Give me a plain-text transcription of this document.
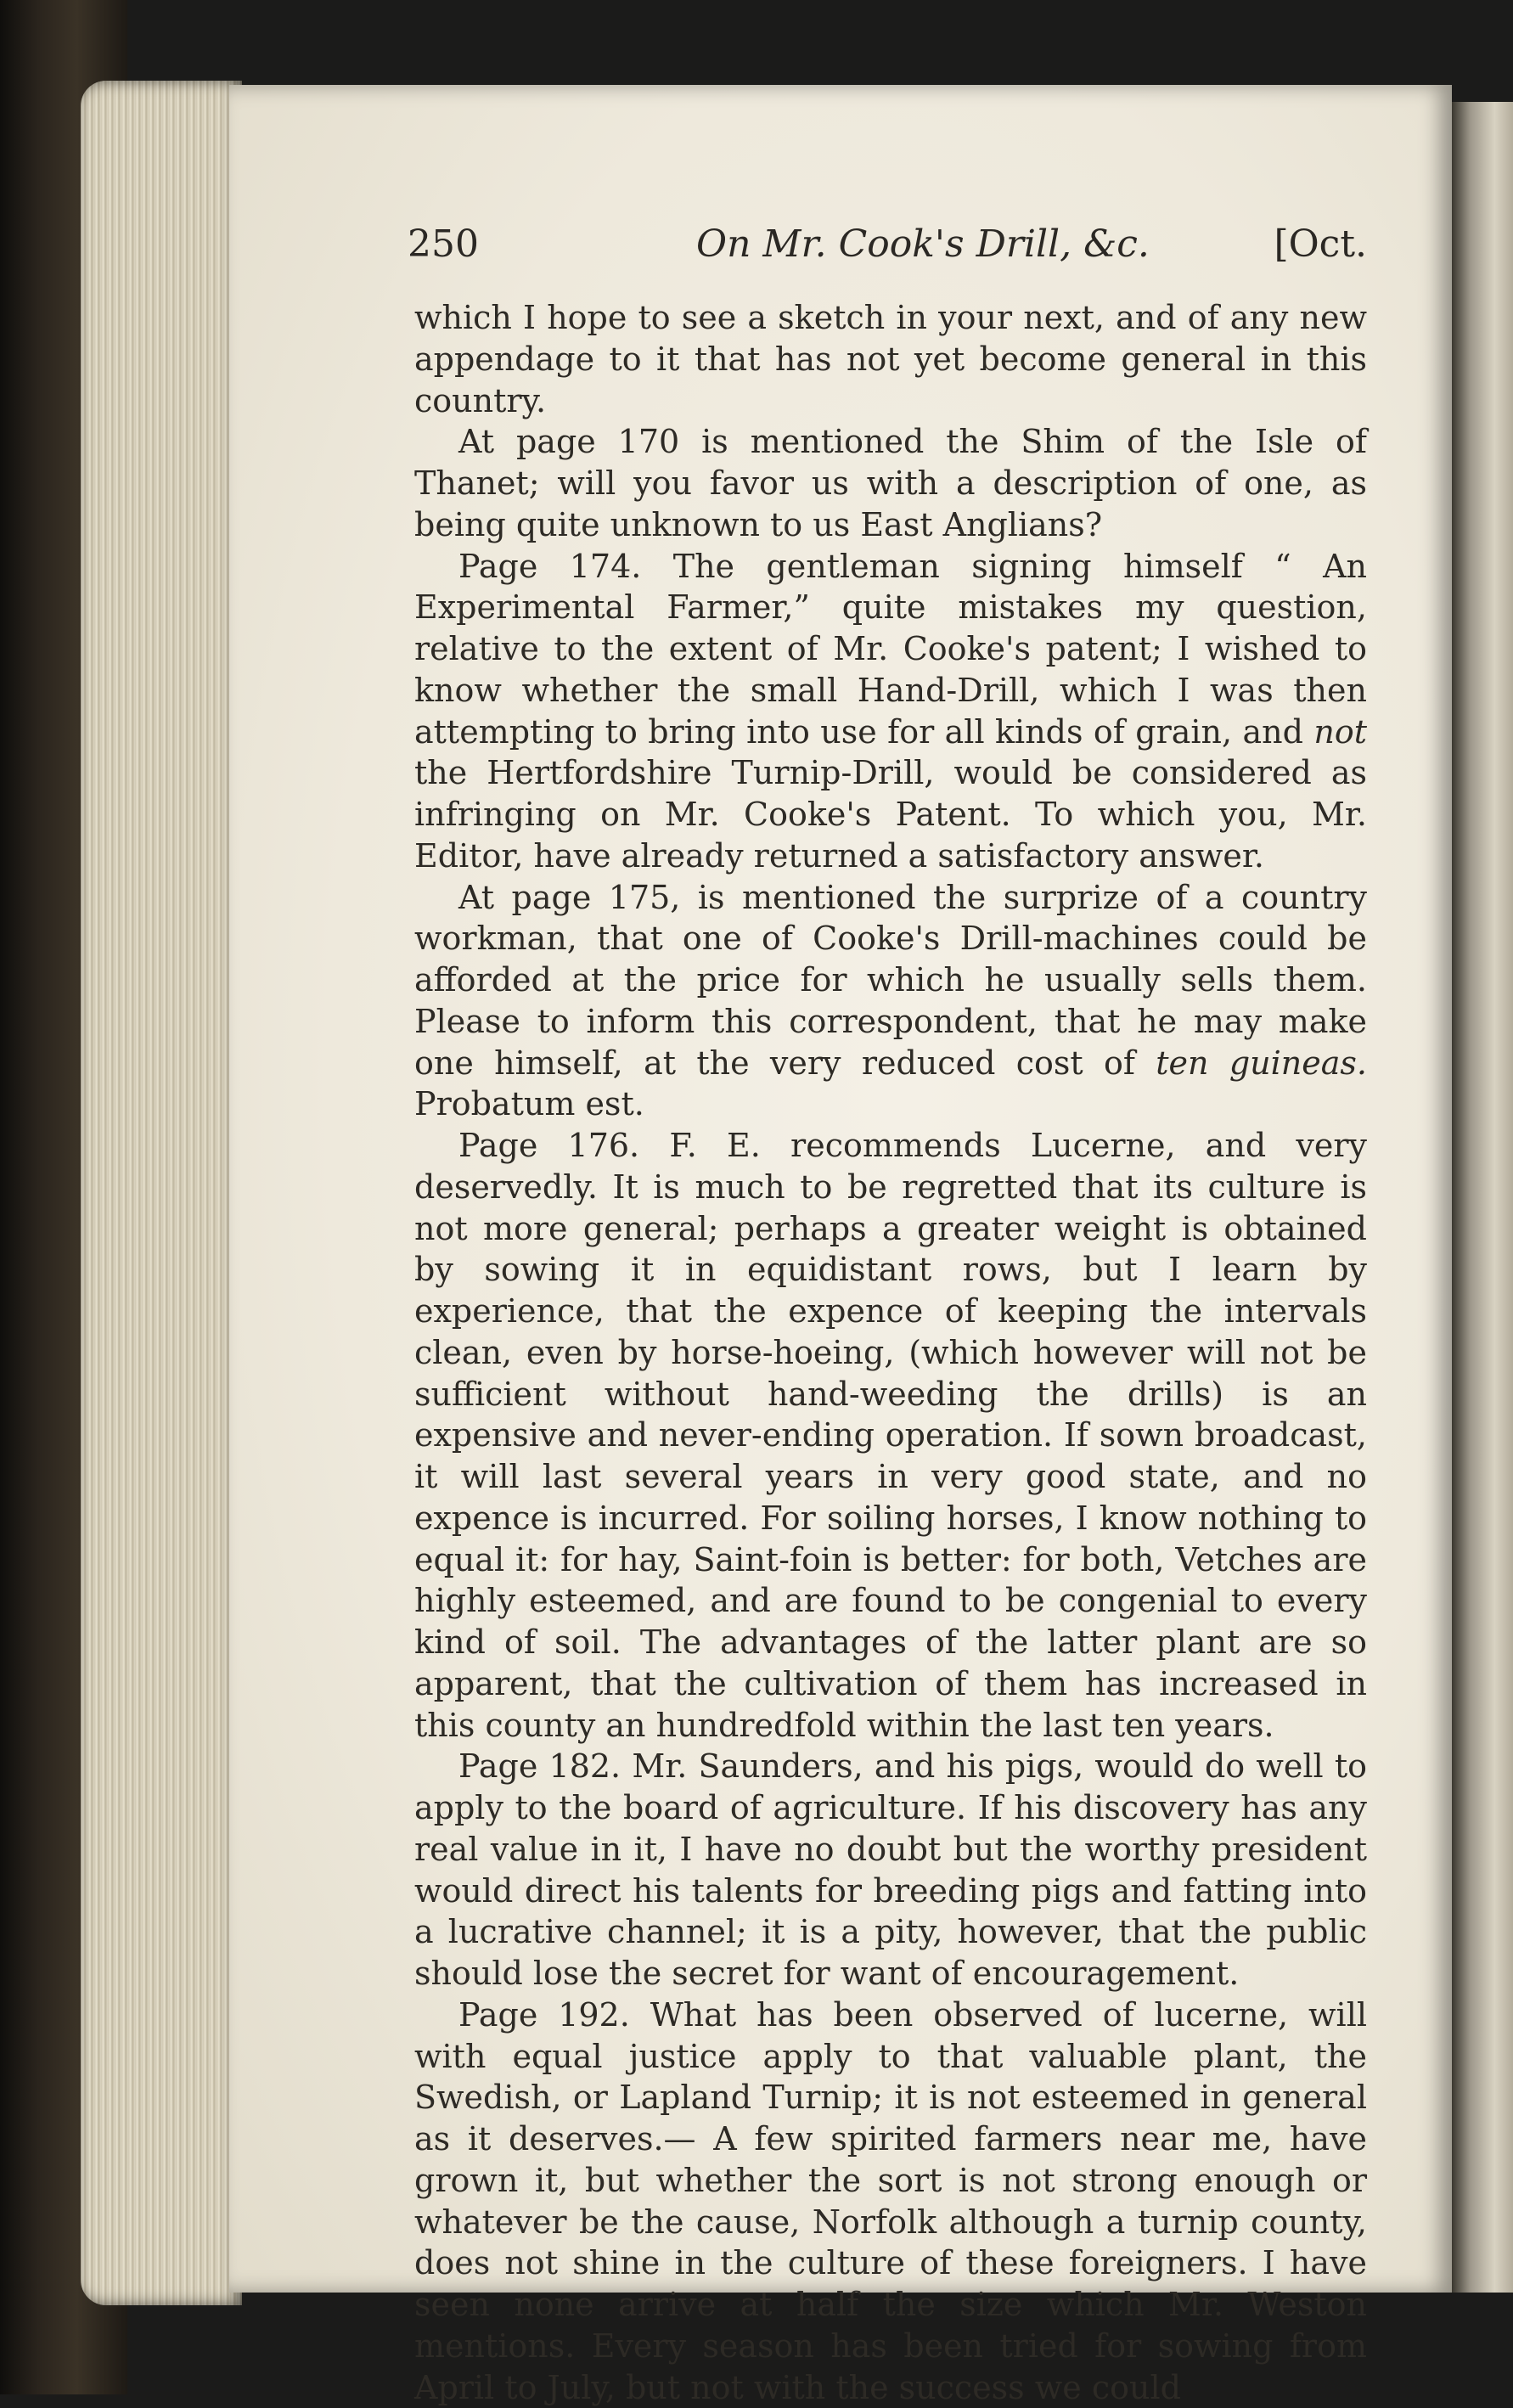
250	On Mr. Cook's Drill, &c.	[Oct.

which I hope to see a sketch in your next, and of any new appendage to it that has not yet become general in this country.

At page 170 is mentioned the Shim of the Isle of Thanet; will you favor us with a description of one, as being quite unknown to us East Anglians?

Page 174. The gentleman signing himself “ An Experimental Farmer,” quite mistakes my question, relative to the extent of Mr. Cooke's patent; I wished to know whether the small Hand-Drill, which I was then attempting to bring into use for all kinds of grain, and not the Hertfordshire Turnip-Drill, would be considered as infringing on Mr. Cooke's Patent. To which you, Mr. Editor, have already returned a satisfactory answer.

At page 175, is mentioned the surprize of a country workman, that one of Cooke's Drill-machines could be afforded at the price for which he usually sells them. Please to inform this correspondent, that he may make one himself, at the very reduced cost of ten guineas. Probatum est.

Page 176. F. E. recommends Lucerne, and very deservedly. It is much to be regretted that its culture is not more general; perhaps a greater weight is obtained by sowing it in equidistant rows, but I learn by experience, that the expence of keeping the intervals clean, even by horse-hoeing, (which however will not be sufficient without hand-weeding the drills) is an expensive and never-ending operation. If sown broadcast, it will last several years in very good state, and no expence is incurred. For soiling horses, I know nothing to equal it: for hay, Saint-foin is better: for both, Vetches are highly esteemed, and are found to be congenial to every kind of soil. The advantages of the latter plant are so apparent, that the cultivation of them has increased in this county an hundredfold within the last ten years.

Page 182. Mr. Saunders, and his pigs, would do well to apply to the board of agriculture. If his discovery has any real value in it, I have no doubt but the worthy president would direct his talents for breeding pigs and fatting into a lucrative channel; it is a pity, however, that the public should lose the secret for want of encouragement.

Page 192. What has been observed of lucerne, will with equal justice apply to that valuable plant, the Swedish, or Lapland Turnip; it is not esteemed in general as it deserves.— A few spirited farmers near me, have grown it, but whether the sort is not strong enough or whatever be the cause, Norfolk although a turnip county, does not shine in the culture of these foreigners. I have seen none arrive at half the size which Mr. Weston mentions. Every season has been tried for sowing from April to July, but not with the success we could
